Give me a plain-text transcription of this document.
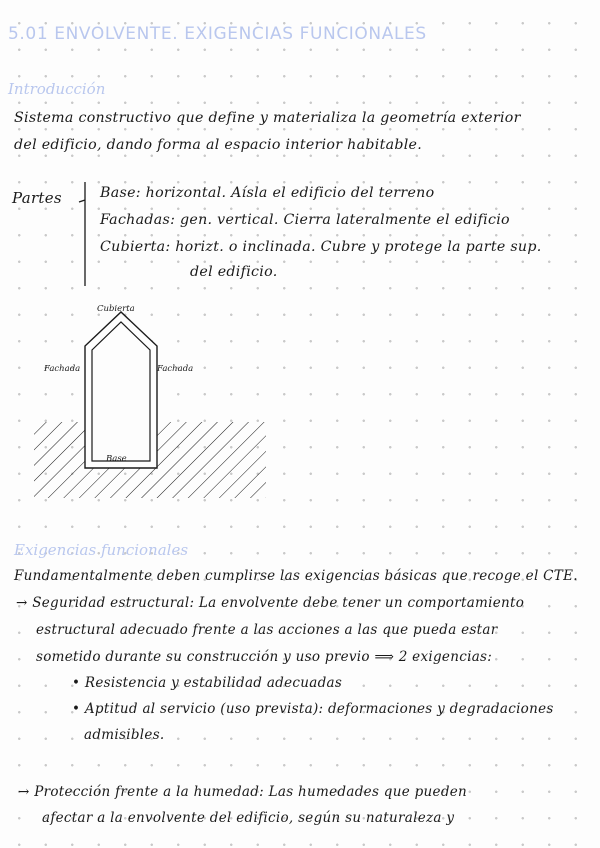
5.01 ENVOLVENTE. EXIGENCIAS FUNCIONALES
Introducción
Sistema constructivo que define y materializa la geometría exterior
del edificio, dando forma al espacio interior habitable.
Partes	Base: horizontal. Aísla el edificio del terreno
Fachadas: gen. vertical. Cierra lateralmente el edificio
Cubierta: horizt. o inclinada. Cubre y protege la parte sup.
del edificio.
Cubierta
Fachada	Fachada
Base
Exigencias funcionales
Fundamentalmente deben cumplirse las exigencias básicas que recoge el CTE.
→ Seguridad estructural: La envolvente debe tener un comportamiento
estructural adecuado frente a las acciones a las que pueda estar
sometido durante su construcción y uso previo ⟹ 2 exigencias:
• Resistencia y estabilidad adecuadas
• Aptitud al servicio (uso prevista): deformaciones y degradaciones
admisibles.
→ Protección frente a la humedad: Las humedades que pueden
afectar a la envolvente del edificio, según su naturaleza y
